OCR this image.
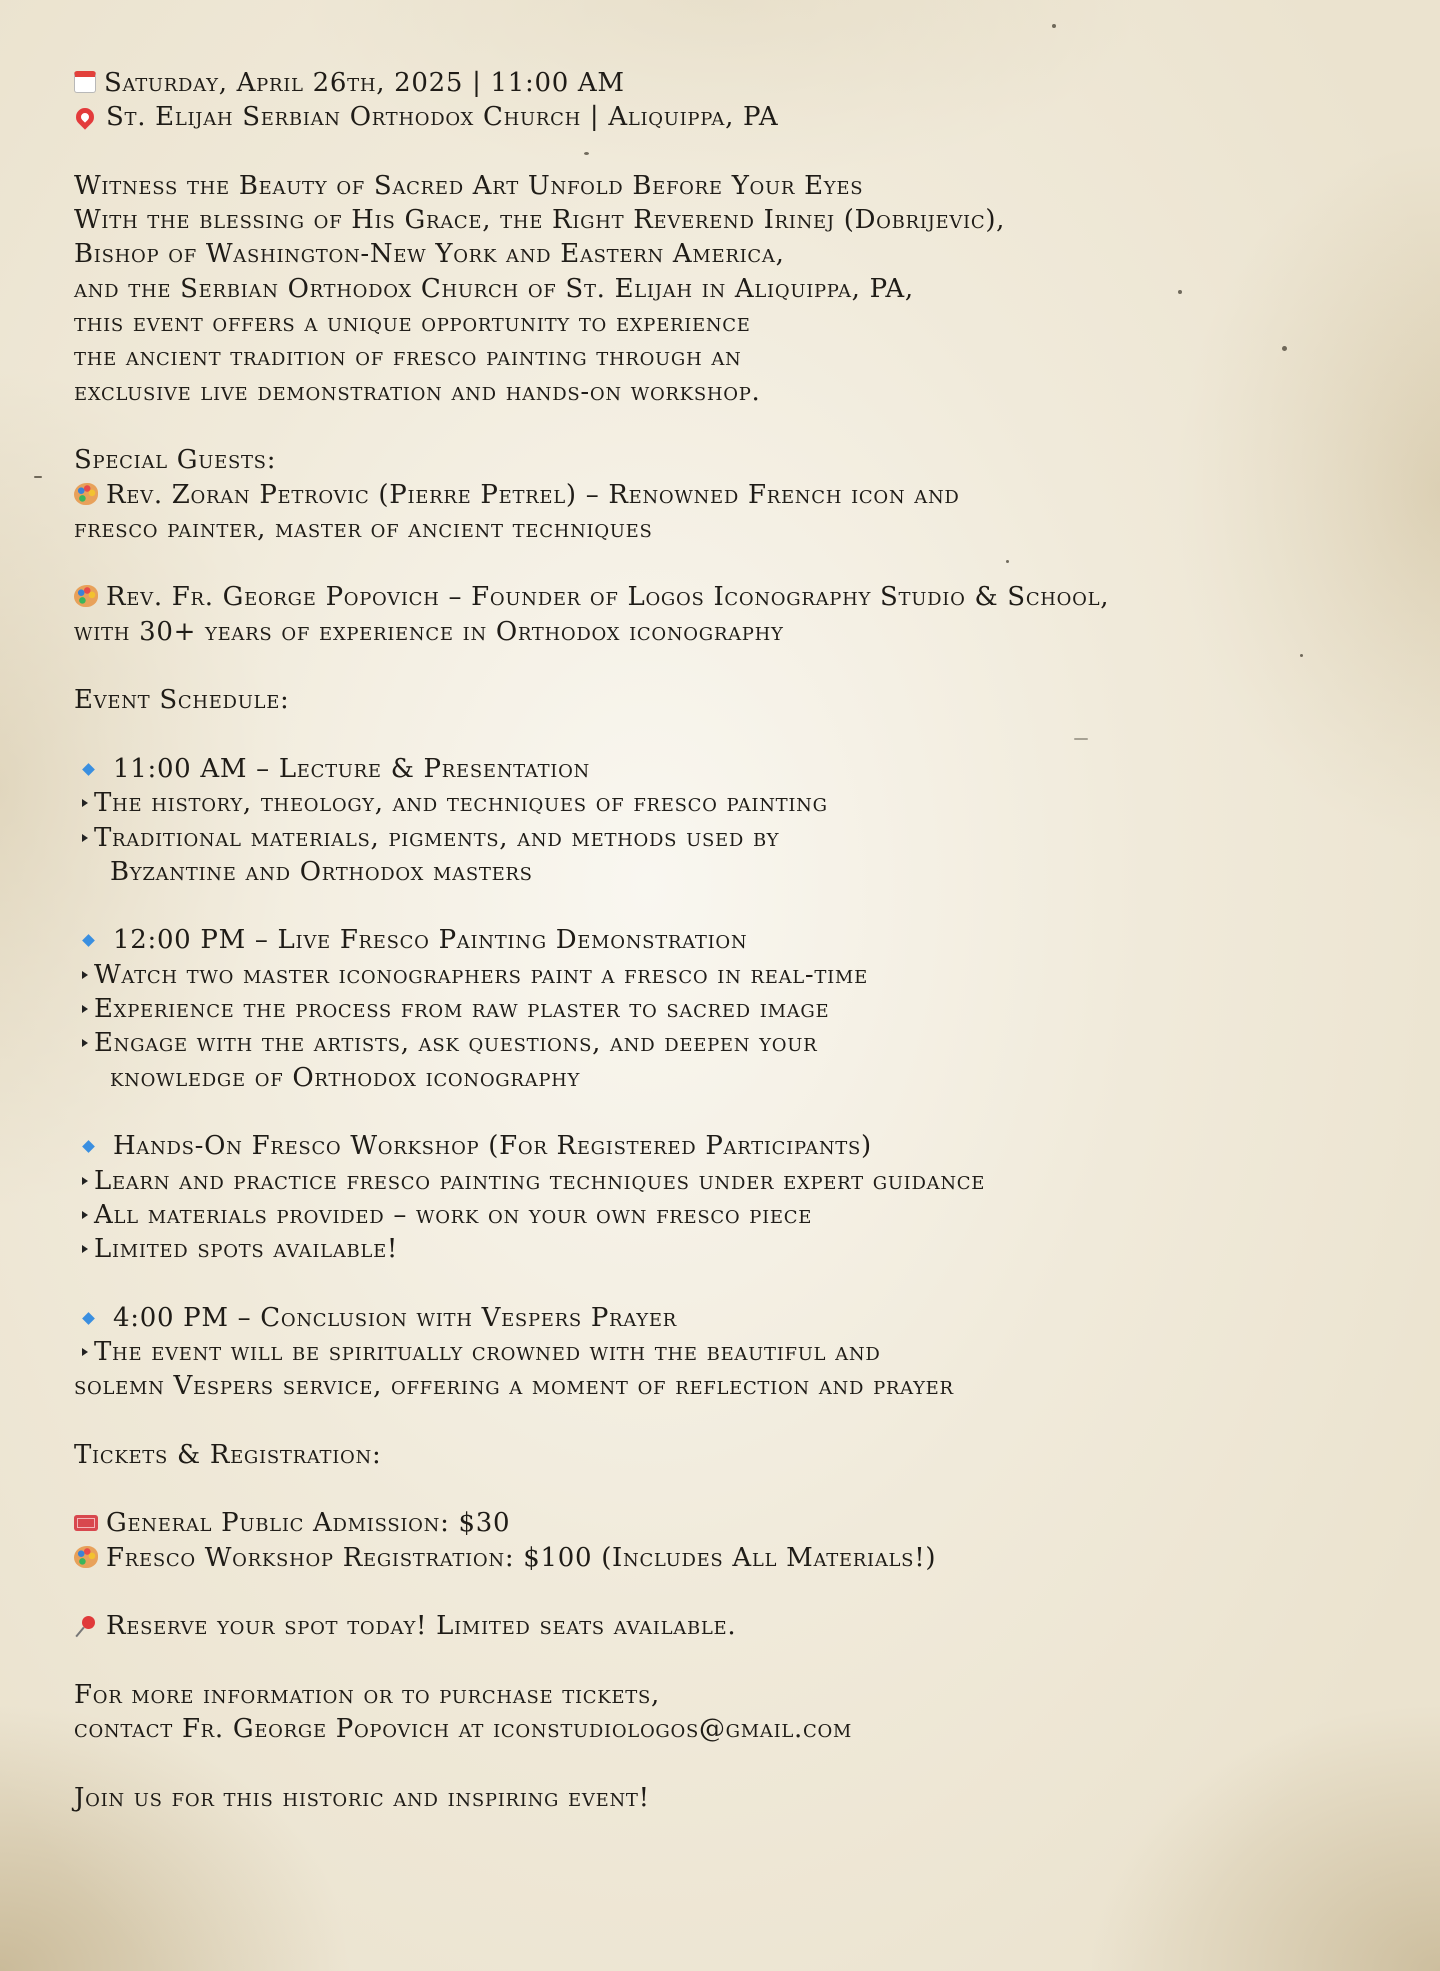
Saturday, April 26th, 2025 | 11:00 AM
St. Elijah Serbian Orthodox Church | Aliquippa, PA
Witness the Beauty of Sacred Art Unfold Before Your Eyes
With the blessing of His Grace, the Right Reverend Irinej (Dobrijevic),
Bishop of Washington-New York and Eastern America,
and the Serbian Orthodox Church of St. Elijah in Aliquippa, PA,
this event offers a unique opportunity to experience
the ancient tradition of fresco painting through an
exclusive live demonstration and hands-on workshop.
Special Guests:
Rev. Zoran Petrovic (Pierre Petrel) – Renowned French icon and
fresco painter, master of ancient techniques
Rev. Fr. George Popovich – Founder of Logos Iconography Studio & School,
with 30+ years of experience in Orthodox iconography
Event Schedule:
11:00 AM – Lecture & Presentation
The history, theology, and techniques of fresco painting
Traditional materials, pigments, and methods used by
Byzantine and Orthodox masters
12:00 PM – Live Fresco Painting Demonstration
Watch two master iconographers paint a fresco in real-time
Experience the process from raw plaster to sacred image
Engage with the artists, ask questions, and deepen your
knowledge of Orthodox iconography
Hands-On Fresco Workshop (For Registered Participants)
Learn and practice fresco painting techniques under expert guidance
All materials provided – work on your own fresco piece
Limited spots available!
4:00 PM – Conclusion with Vespers Prayer
The event will be spiritually crowned with the beautiful and
solemn Vespers service, offering a moment of reflection and prayer
Tickets & Registration:
General Public Admission: $30
Fresco Workshop Registration: $100 (Includes All Materials!)
Reserve your spot today! Limited seats available.
For more information or to purchase tickets,
contact Fr. George Popovich at iconstudiologos@gmail.com
Join us for this historic and inspiring event!
